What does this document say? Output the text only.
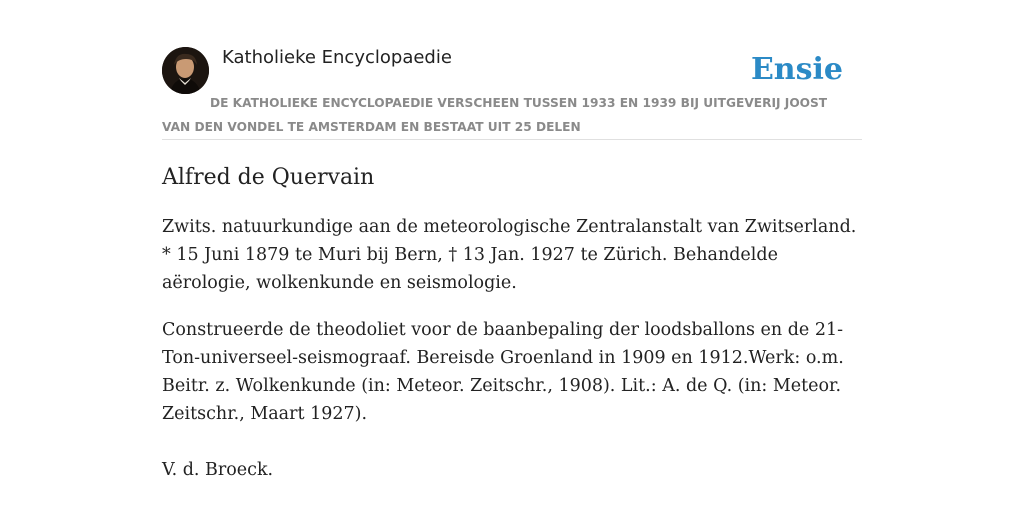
Katholieke Encyclopaedie	Ensie
DE KATHOLIEKE ENCYCLOPAEDIE VERSCHEEN TUSSEN 1933 EN 1939 BIJ UITGEVERIJ JOOST VAN DEN VONDEL TE AMSTERDAM EN BESTAAT UIT 25 DELEN
Alfred de Quervain

Zwits. natuurkundige aan de meteorologische Zentralanstalt van Zwitserland. * 15 Juni 1879 te Muri bij Bern, † 13 Jan. 1927 te Zürich. Behandelde aërologie, wolkenkunde en seismologie.

Construeerde de theodoliet voor de baanbepaling der loodsballons en de 21-Ton-universeel-seismograaf. Bereisde Groenland in 1909 en 1912.Werk: o.m. Beitr. z. Wolkenkunde (in: Meteor. Zeitschr., 1908). Lit.: A. de Q. (in: Meteor. Zeitschr., Maart 1927).

V. d. Broeck.
